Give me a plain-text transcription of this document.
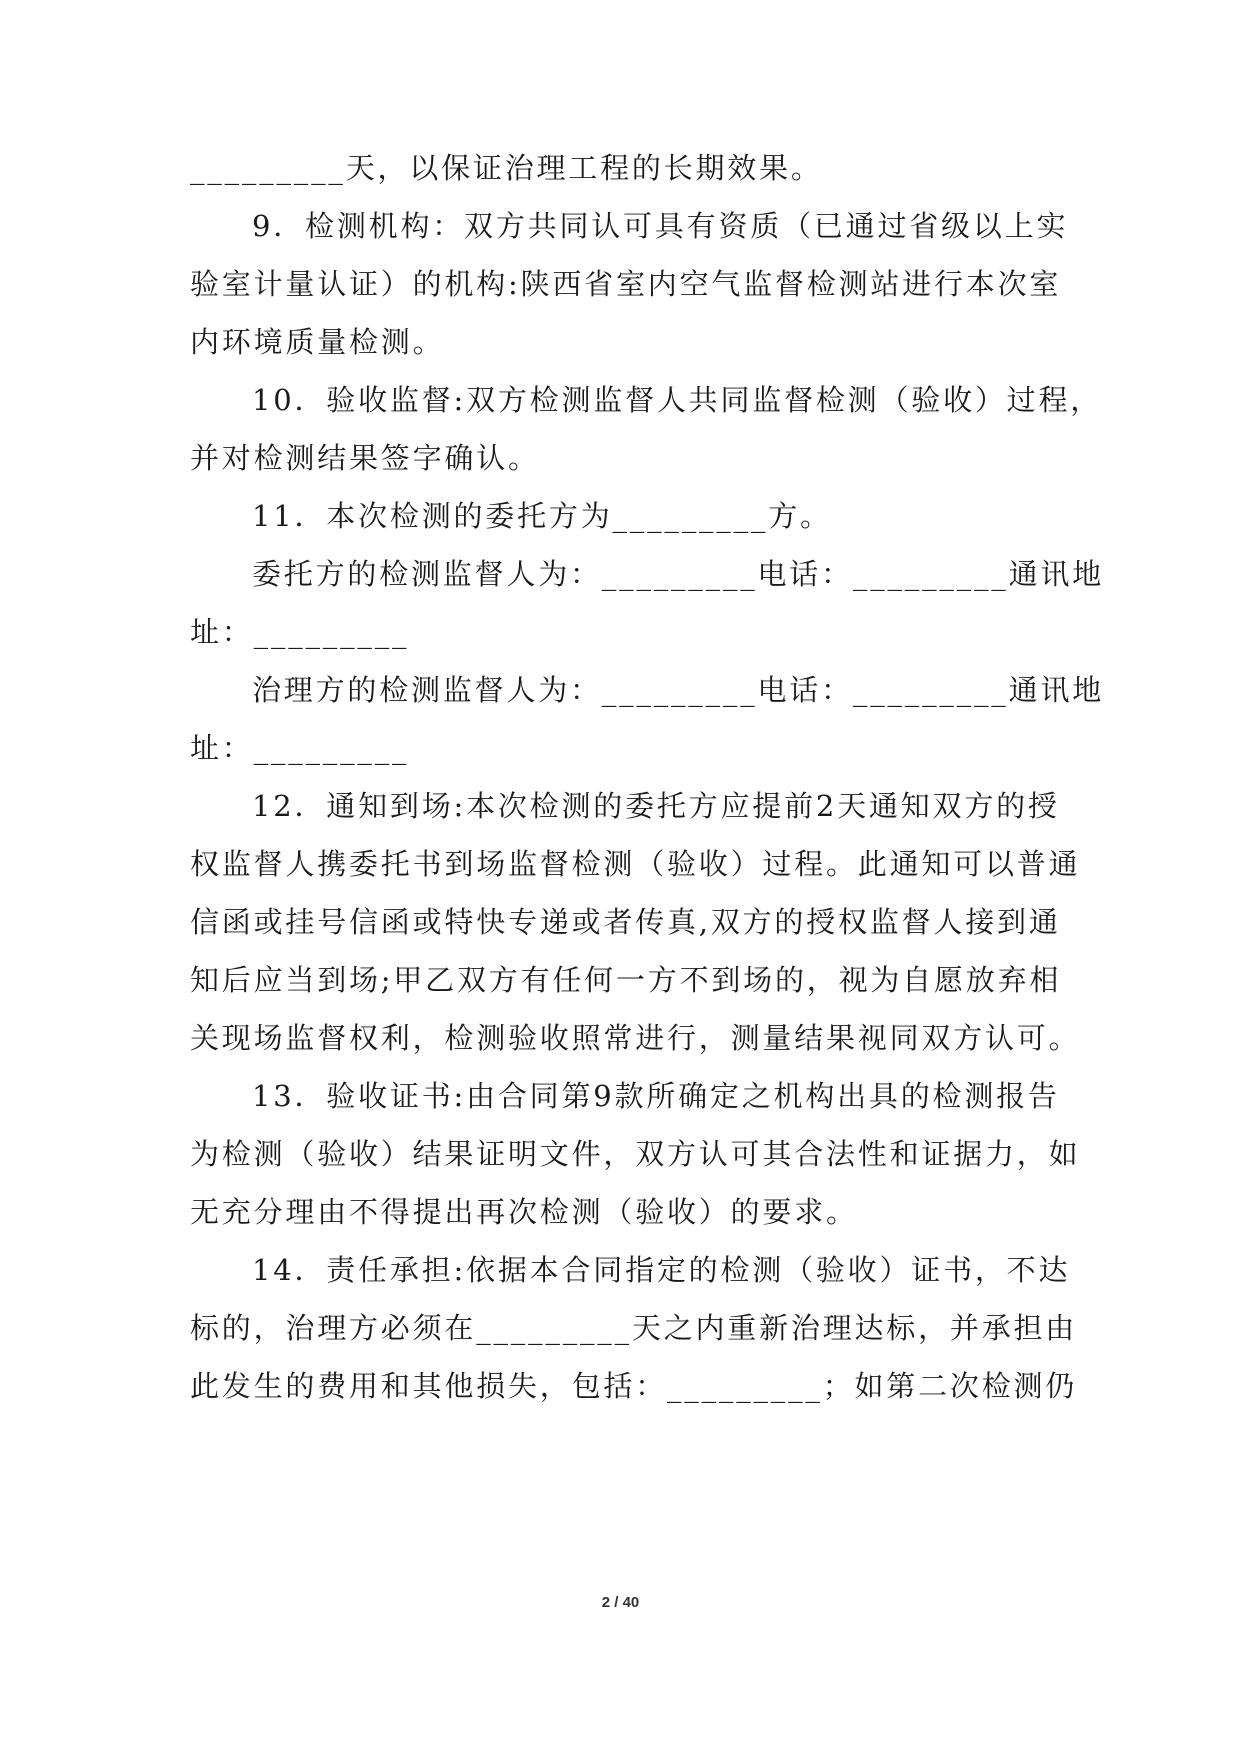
_________天，以保证治理工程的长期效果。
9．检测机构：双方共同认可具有资质（已通过省级以上实
验室计量认证）的机构:陕西省室内空气监督检测站进行本次室
内环境质量检测。
10．验收监督:双方检测监督人共同监督检测（验收）过程，
并对检测结果签字确认。
11．本次检测的委托方为_________方。
委托方的检测监督人为：_________电话：_________通讯地
址：_________
治理方的检测监督人为：_________电话：_________通讯地
址：_________
12．通知到场:本次检测的委托方应提前2天通知双方的授
权监督人携委托书到场监督检测（验收）过程。此通知可以普通
信函或挂号信函或特快专递或者传真,双方的授权监督人接到通
知后应当到场;甲乙双方有任何一方不到场的，视为自愿放弃相
关现场监督权利，检测验收照常进行，测量结果视同双方认可。
13．验收证书:由合同第9款所确定之机构出具的检测报告
为检测（验收）结果证明文件，双方认可其合法性和证据力，如
无充分理由不得提出再次检测（验收）的要求。
14．责任承担:依据本合同指定的检测（验收）证书，不达
标的，治理方必须在_________天之内重新治理达标，并承担由
此发生的费用和其他损失，包括：_________；如第二次检测仍
2 / 40
